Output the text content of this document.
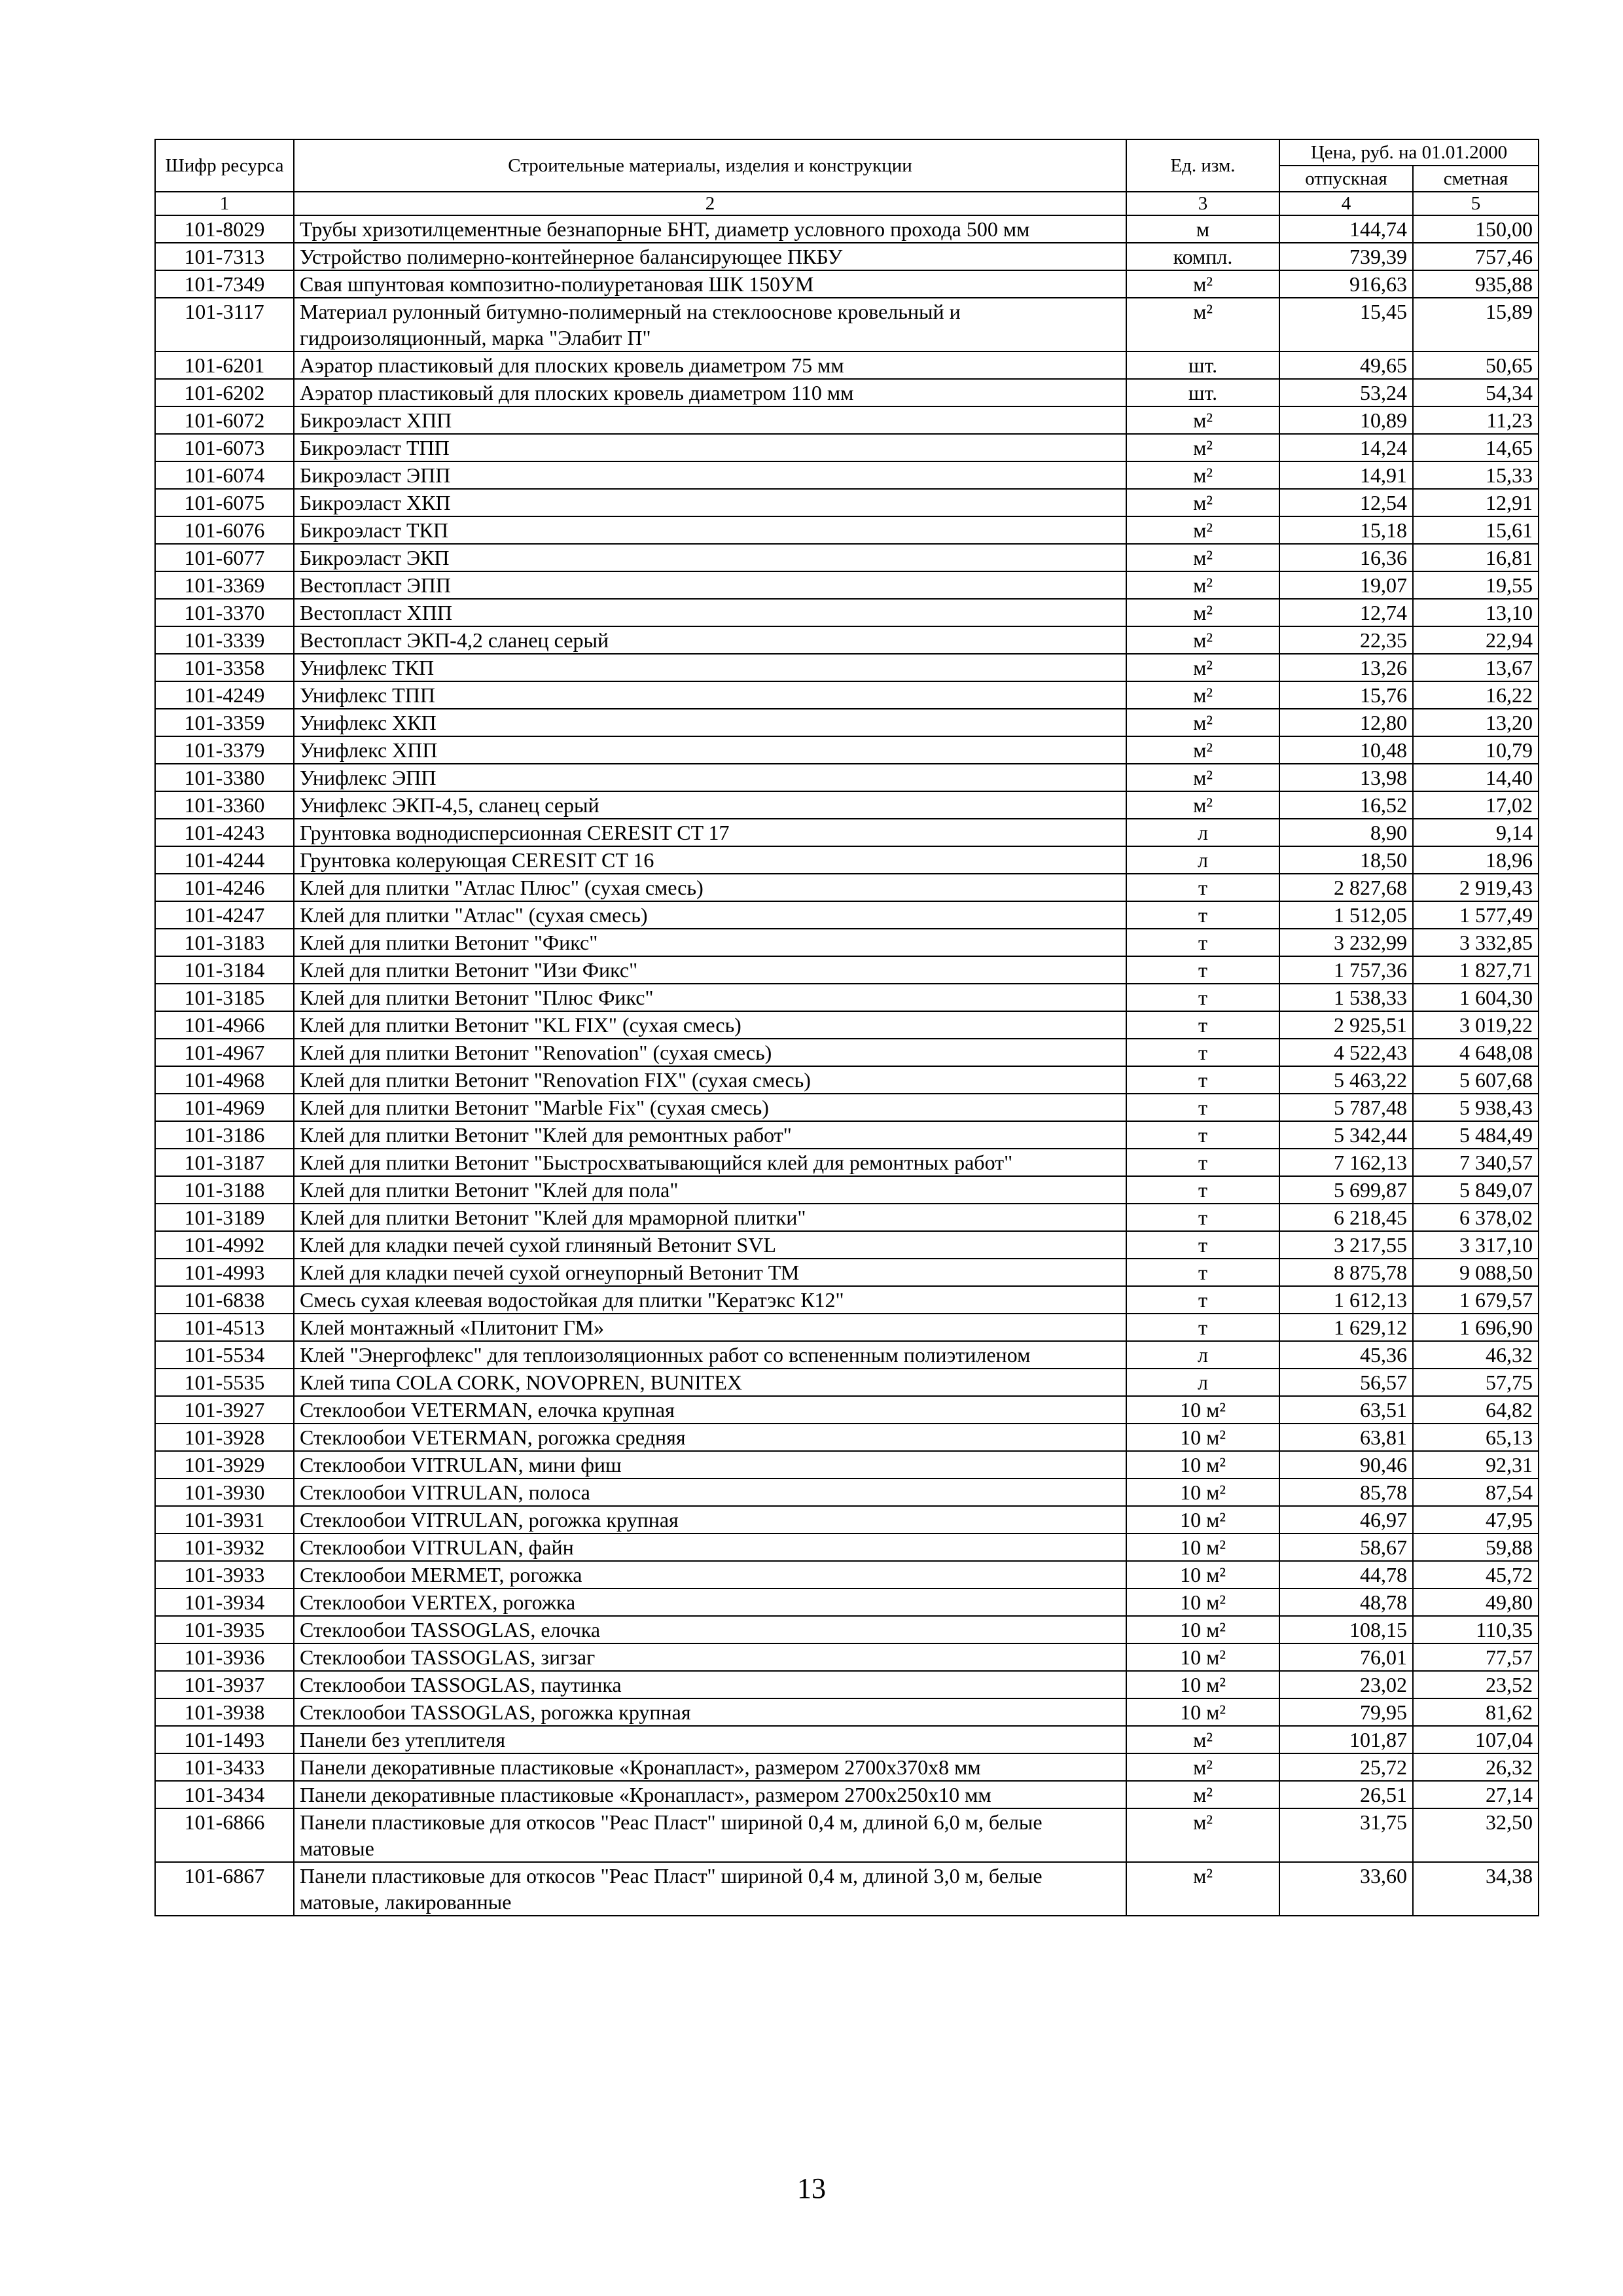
Шифр ресурса	Строительные материалы, изделия и конструкции	Ед. изм.	Цена, руб. на 01.01.2000	
			отпускная	сметная
1	2	3	4	5
101-8029	Трубы хризотилцементные безнапорные БНТ, диаметр условного прохода 500 мм	м	144,74	150,00
101-7313	Устройство полимерно-контейнерное балансирующее ПКБУ	компл.	739,39	757,46
101-7349	Свая шпунтовая композитно-полиуретановая ШК 150УМ	м²	916,63	935,88
101-3117	Материал рулонный битумно-полимерный на стеклооснове кровельный и гидроизоляционный, марка "Элабит П"	м²	15,45	15,89
101-6201	Аэратор пластиковый для плоских кровель диаметром 75 мм	шт.	49,65	50,65
101-6202	Аэратор пластиковый для плоских кровель диаметром 110 мм	шт.	53,24	54,34
101-6072	Бикроэласт ХПП	м²	10,89	11,23
101-6073	Бикроэласт ТПП	м²	14,24	14,65
101-6074	Бикроэласт ЭПП	м²	14,91	15,33
101-6075	Бикроэласт ХКП	м²	12,54	12,91
101-6076	Бикроэласт ТКП	м²	15,18	15,61
101-6077	Бикроэласт ЭКП	м²	16,36	16,81
101-3369	Вестопласт ЭПП	м²	19,07	19,55
101-3370	Вестопласт ХПП	м²	12,74	13,10
101-3339	Вестопласт ЭКП-4,2 сланец серый	м²	22,35	22,94
101-3358	Унифлекс ТКП	м²	13,26	13,67
101-4249	Унифлекс ТПП	м²	15,76	16,22
101-3359	Унифлекс ХКП	м²	12,80	13,20
101-3379	Унифлекс ХПП	м²	10,48	10,79
101-3380	Унифлекс ЭПП	м²	13,98	14,40
101-3360	Унифлекс ЭКП-4,5, сланец серый	м²	16,52	17,02
101-4243	Грунтовка воднодисперсионная CERESIT CT 17	л	8,90	9,14
101-4244	Грунтовка колерующая CERESIT CT 16	л	18,50	18,96
101-4246	Клей для плитки "Атлас Плюс" (сухая смесь)	т	2 827,68	2 919,43
101-4247	Клей для плитки "Атлас" (сухая смесь)	т	1 512,05	1 577,49
101-3183	Клей для плитки Ветонит "Фикс"	т	3 232,99	3 332,85
101-3184	Клей для плитки Ветонит "Изи Фикс"	т	1 757,36	1 827,71
101-3185	Клей для плитки Ветонит "Плюс Фикс"	т	1 538,33	1 604,30
101-4966	Клей для плитки Ветонит "KL FIX" (сухая смесь)	т	2 925,51	3 019,22
101-4967	Клей для плитки Ветонит "Renovation" (сухая смесь)	т	4 522,43	4 648,08
101-4968	Клей для плитки Ветонит "Renovation FIX" (сухая смесь)	т	5 463,22	5 607,68
101-4969	Клей для плитки Ветонит "Marble Fix" (сухая смесь)	т	5 787,48	5 938,43
101-3186	Клей для плитки Ветонит "Клей для ремонтных работ"	т	5 342,44	5 484,49
101-3187	Клей для плитки Ветонит "Быстросхватывающийся клей для ремонтных работ"	т	7 162,13	7 340,57
101-3188	Клей для плитки Ветонит "Клей для пола"	т	5 699,87	5 849,07
101-3189	Клей для плитки Ветонит "Клей для мраморной плитки"	т	6 218,45	6 378,02
101-4992	Клей для кладки печей сухой глиняный Ветонит SVL	т	3 217,55	3 317,10
101-4993	Клей для кладки печей сухой огнеупорный Ветонит ТМ	т	8 875,78	9 088,50
101-6838	Смесь сухая клеевая водостойкая для плитки "Кератэкс К12"	т	1 612,13	1 679,57
101-4513	Клей монтажный «Плитонит ГМ»	т	1 629,12	1 696,90
101-5534	Клей "Энергофлекс" для теплоизоляционных работ со вспененным полиэтиленом	л	45,36	46,32
101-5535	Клей типа COLA CORK, NOVOPREN, BUNITEX	л	56,57	57,75
101-3927	Стеклообои VETERMAN, елочка крупная	10 м²	63,51	64,82
101-3928	Стеклообои VETERMAN, рогожка средняя	10 м²	63,81	65,13
101-3929	Стеклообои VITRULAN, мини фиш	10 м²	90,46	92,31
101-3930	Стеклообои VITRULAN, полоса	10 м²	85,78	87,54
101-3931	Стеклообои VITRULAN, рогожка крупная	10 м²	46,97	47,95
101-3932	Стеклообои VITRULAN, файн	10 м²	58,67	59,88
101-3933	Стеклообои MERMET, рогожка	10 м²	44,78	45,72
101-3934	Стеклообои VERTEX, рогожка	10 м²	48,78	49,80
101-3935	Стеклообои TASSOGLAS, елочка	10 м²	108,15	110,35
101-3936	Стеклообои TASSOGLAS, зигзаг	10 м²	76,01	77,57
101-3937	Стеклообои TASSOGLAS, паутинка	10 м²	23,02	23,52
101-3938	Стеклообои TASSOGLAS, рогожка крупная	10 м²	79,95	81,62
101-1493	Панели без утеплителя	м²	101,87	107,04
101-3433	Панели декоративные пластиковые «Кронапласт», размером 2700х370х8 мм	м²	25,72	26,32
101-3434	Панели декоративные пластиковые «Кронапласт», размером 2700х250х10 мм	м²	26,51	27,14
101-6866	Панели пластиковые для откосов "Реас Пласт" шириной 0,4 м, длиной 6,0 м, белые матовые	м²	31,75	32,50
101-6867	Панели пластиковые для откосов "Реас Пласт" шириной 0,4 м, длиной 3,0 м, белые матовые, лакированные	м²	33,60	34,38
13
